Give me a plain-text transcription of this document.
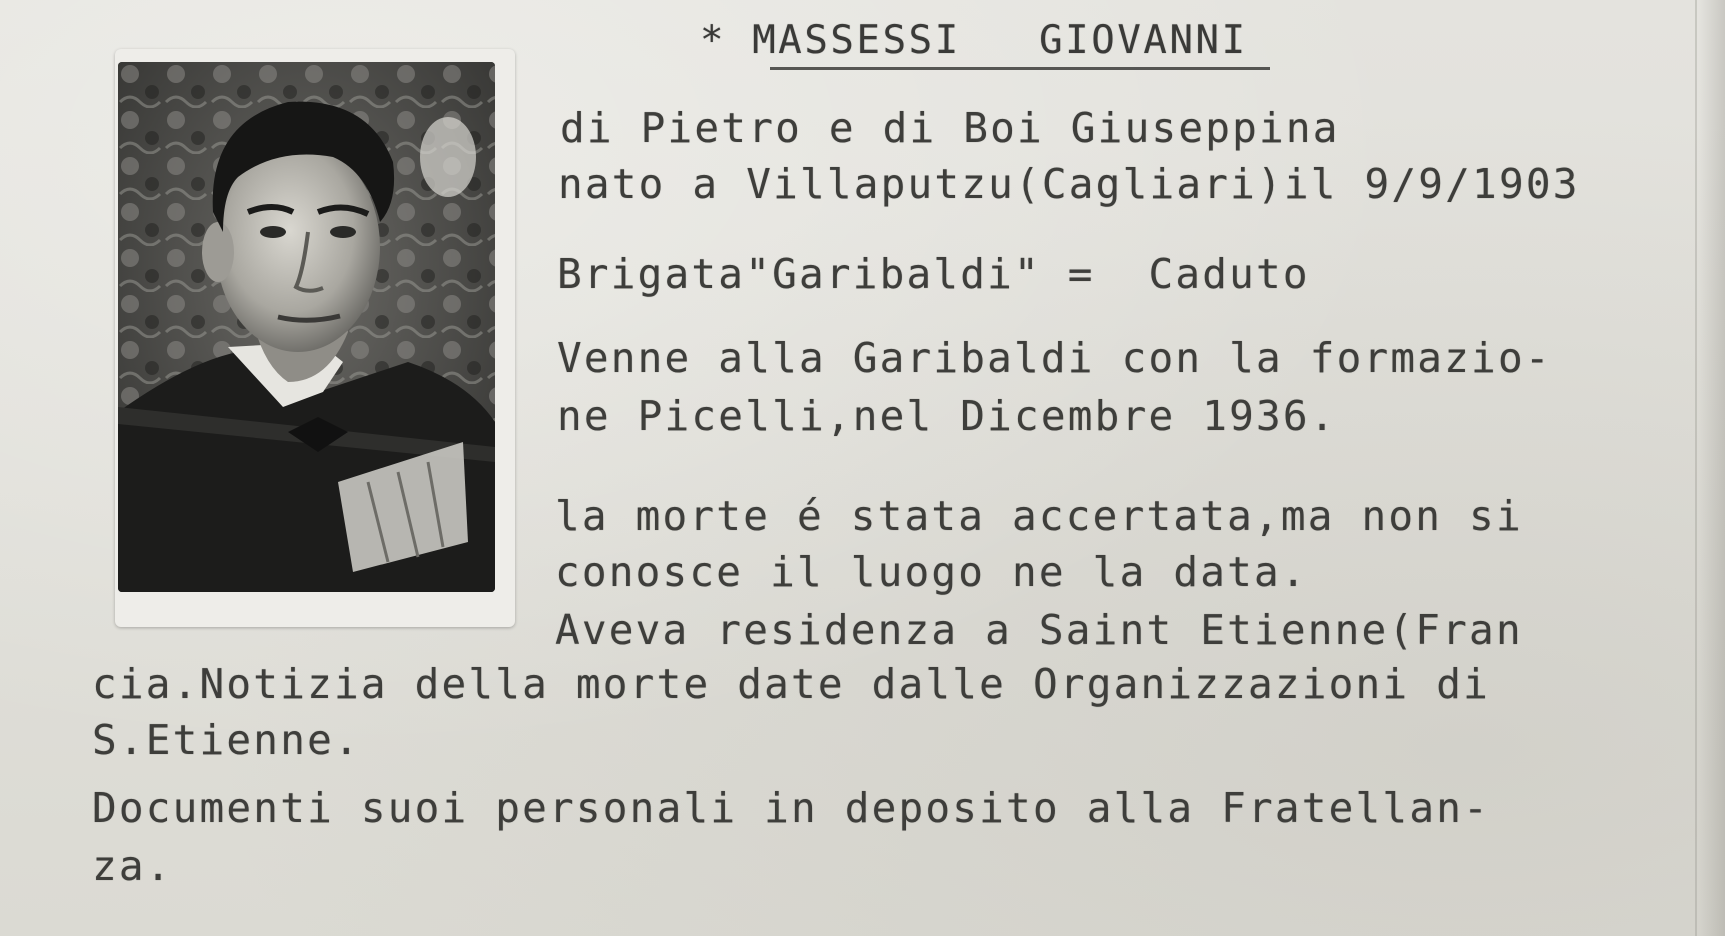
* MASSESSI GIOVANNI
di Pietro e di Boi Giuseppina
nato a Villaputzu(Cagliari)il 9/9/1903
Brigata"Garibaldi" =  Caduto
Venne alla Garibaldi con la formazio-
ne Picelli,nel Dicembre 1936.
la morte é stata accertata,ma non si
conosce il luogo ne la data.
Aveva residenza a Saint Etienne(Fran
cia.Notizia della morte date dalle Organizzazioni di
S.Etienne.
Documenti suoi personali in deposito alla Fratellan-
za.
